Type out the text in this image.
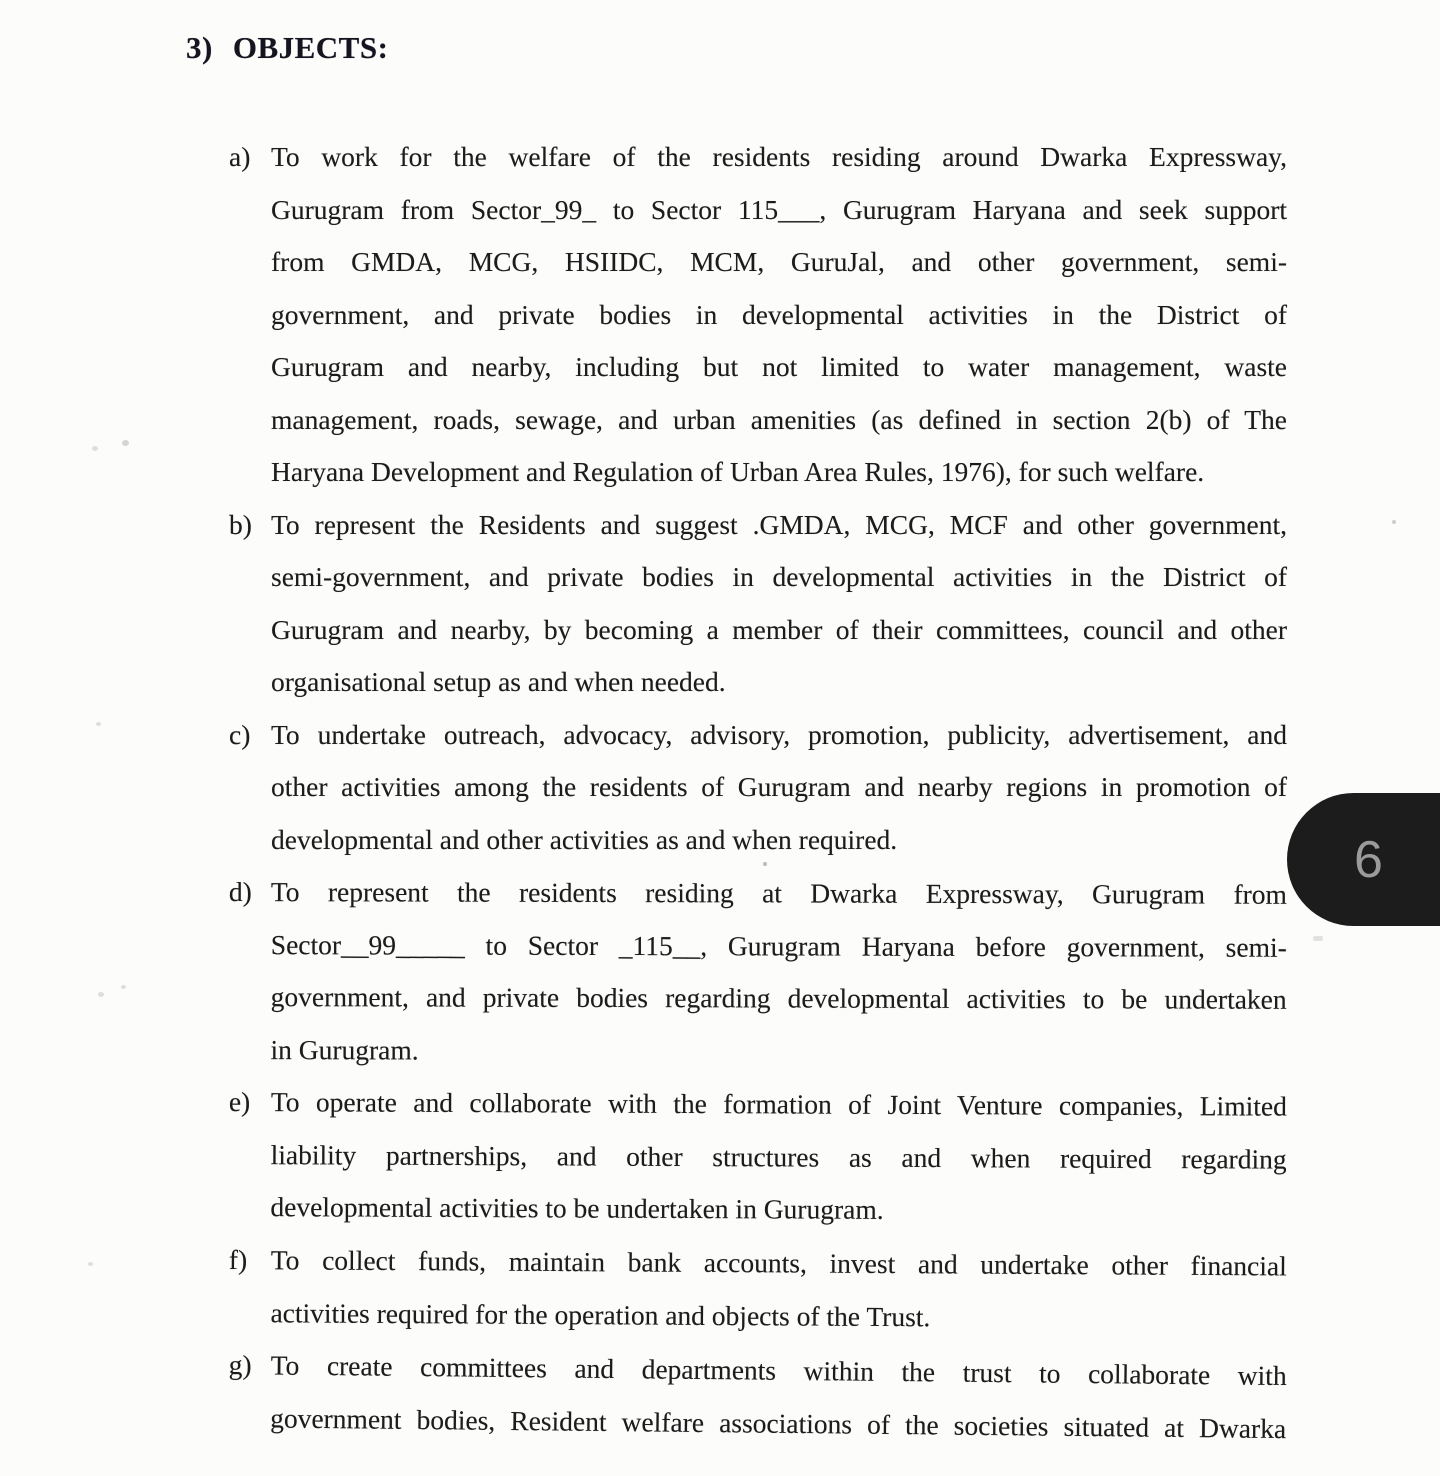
3) OBJECTS:
a) To work for the welfare of the residents residing around Dwarka Expressway,
Gurugram from Sector_99_ to Sector 115___, Gurugram Haryana and seek support
from GMDA, MCG, HSIIDC, MCM, GuruJal, and other government, semi-
government, and private bodies in developmental activities in the District of
Gurugram and nearby, including but not limited to water management, waste
management, roads, sewage, and urban amenities (as defined in section 2(b) of The
Haryana Development and Regulation of Urban Area Rules, 1976), for such welfare.
b) To represent the Residents and suggest .GMDA, MCG, MCF and other government,
semi-government, and private bodies in developmental activities in the District of
Gurugram and nearby, by becoming a member of their committees, council and other
organisational setup as and when needed.
c) To undertake outreach, advocacy, advisory, promotion, publicity, advertisement, and
other activities among the residents of Gurugram and nearby regions in promotion of
developmental and other activities as and when required.
d) To represent the residents residing at Dwarka Expressway, Gurugram from
Sector__99_____ to Sector _115__, Gurugram Haryana before government, semi-
government, and private bodies regarding developmental activities to be undertaken
in Gurugram.
e) To operate and collaborate with the formation of Joint Venture companies, Limited
liability partnerships, and other structures as and when required regarding
developmental activities to be undertaken in Gurugram.
f) To collect funds, maintain bank accounts, invest and undertake other financial
activities required for the operation and objects of the Trust.
g) To create committees and departments within the trust to collaborate with
government bodies, Resident welfare associations of the societies situated at Dwarka
6
